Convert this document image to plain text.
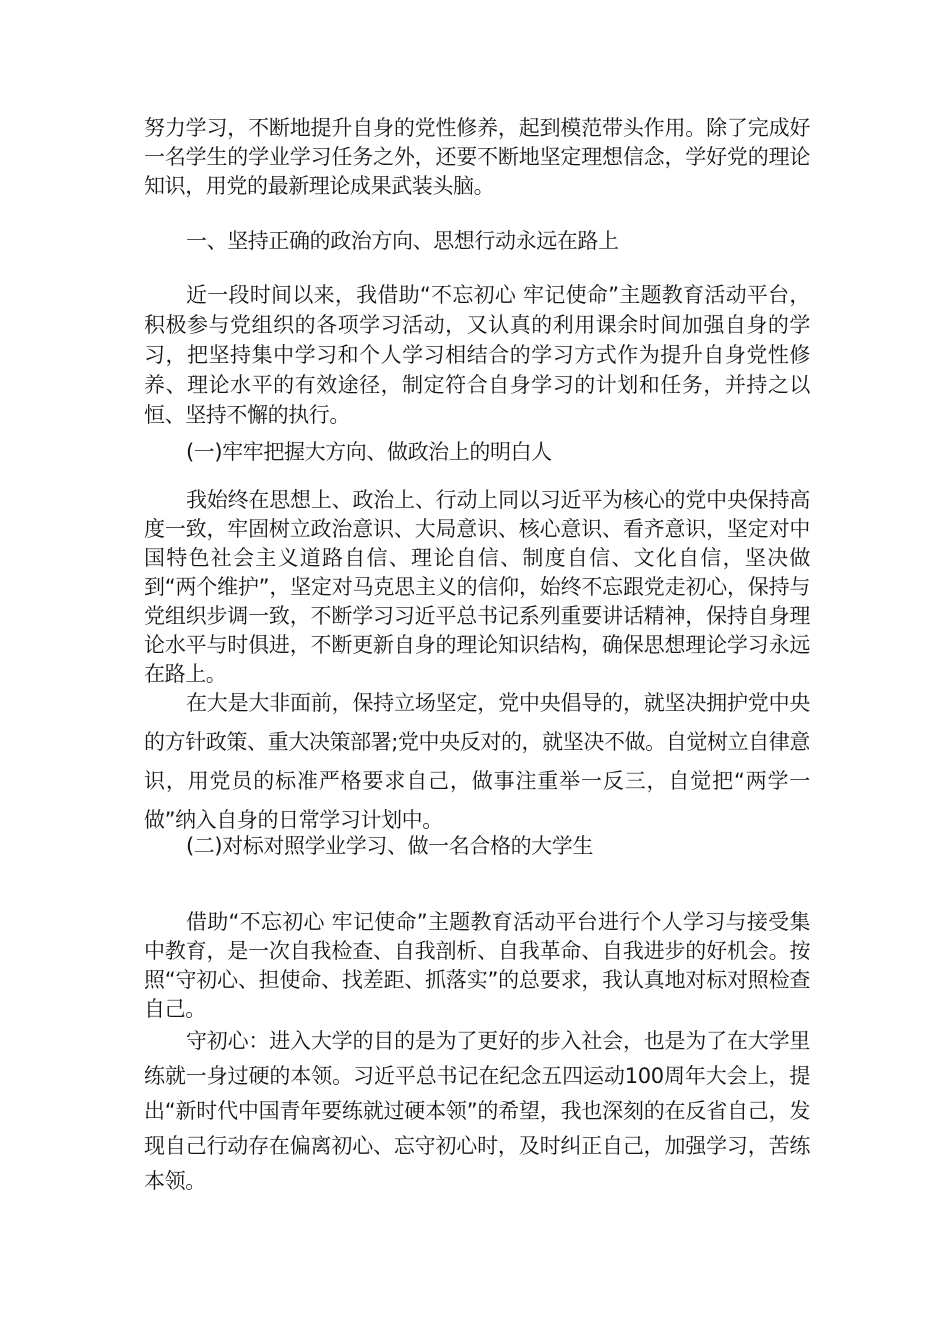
努力学习，不断地提升自身的党性修养，起到模范带头作用。除了完成好一名学生的学业学习任务之外，还要不断地坚定理想信念，学好党的理论知识，用党的最新理论成果武装头脑。

一、坚持正确的政治方向、思想行动永远在路上

近一段时间以来，我借助“不忘初心 牢记使命”主题教育活动平台，积极参与党组织的各项学习活动，又认真的利用课余时间加强自身的学习，把坚持集中学习和个人学习相结合的学习方式作为提升自身党性修养、理论水平的有效途径，制定符合自身学习的计划和任务，并持之以恒、坚持不懈的执行。

(一)牢牢把握大方向、做政治上的明白人

我始终在思想上、政治上、行动上同以习近平为核心的党中央保持高度一致，牢固树立政治意识、大局意识、核心意识、看齐意识，坚定对中国特色社会主义道路自信、理论自信、制度自信、文化自信，坚决做到“两个维护”，坚定对马克思主义的信仰，始终不忘跟党走初心，保持与党组织步调一致，不断学习习近平总书记系列重要讲话精神，保持自身理论水平与时俱进，不断更新自身的理论知识结构，确保思想理论学习永远在路上。

在大是大非面前，保持立场坚定，党中央倡导的，就坚决拥护党中央的方针政策、重大决策部署;党中央反对的，就坚决不做。自觉树立自律意识，用党员的标准严格要求自己，做事注重举一反三，自觉把“两学一做”纳入自身的日常学习计划中。

(二)对标对照学业学习、做一名合格的大学生

借助“不忘初心 牢记使命”主题教育活动平台进行个人学习与接受集中教育，是一次自我检查、自我剖析、自我革命、自我进步的好机会。按照“守初心、担使命、找差距、抓落实”的总要求，我认真地对标对照检查自己。

守初心：进入大学的目的是为了更好的步入社会，也是为了在大学里练就一身过硬的本领。习近平总书记在纪念五四运动100周年大会上，提出“新时代中国青年要练就过硬本领”的希望，我也深刻的在反省自己，发现自己行动存在偏离初心、忘守初心时，及时纠正自己，加强学习，苦练本领。
